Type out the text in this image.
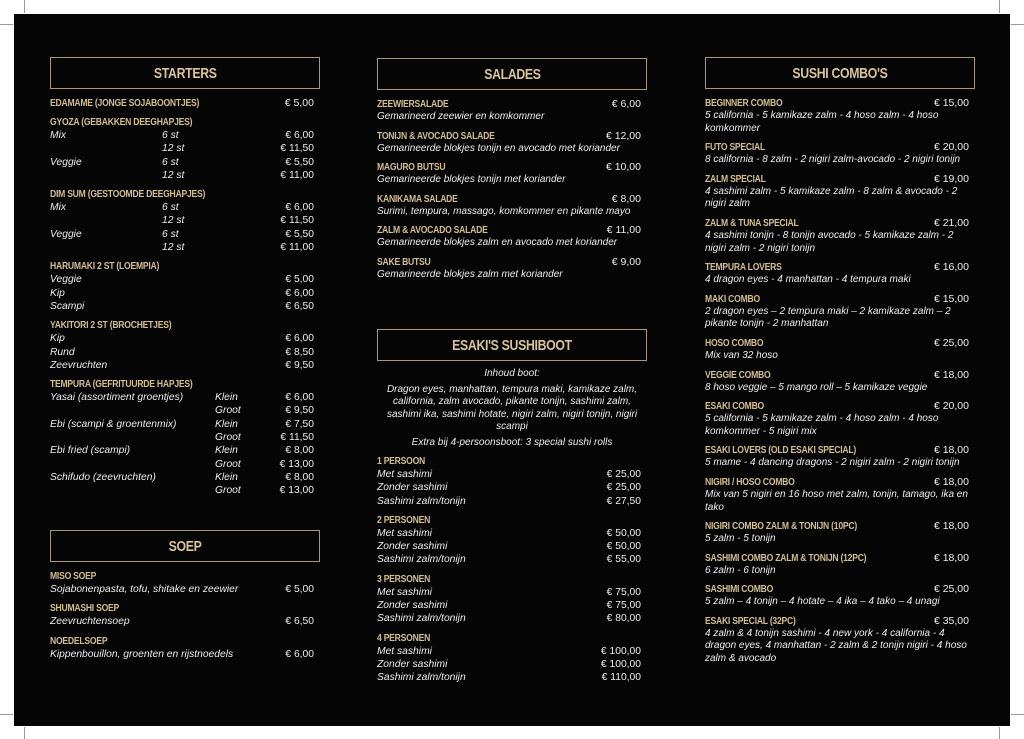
STARTERS
EDAMAME (JONGE SOJABOONTJES)	€ 5,00
GYOZA (GEBAKKEN DEEGHAPJES)
Mix	6 st	€ 6,00
12 st	€ 11,50
Veggie	6 st	€ 5,50
12 st	€ 11,00
DIM SUM (GESTOOMDE DEEGHAPJES)
Mix	6 st	€ 6,00
12 st	€ 11,50
Veggie	6 st	€ 5,50
12 st	€ 11,00
HARUMAKI 2 ST (LOEMPIA)
Veggie	€ 5,00
Kip	€ 6,00
Scampi	€ 6,50
YAKITORI 2 ST (BROCHETJES)
Kip	€ 6,00
Rund	€ 8,50
Zeevruchten	€ 9,50
TEMPURA (GEFRITUURDE HAPJES)
Yasai (assortiment groentjes)	Klein	€ 6,00
Groot	€ 9,50
Ebi (scampi & groentenmix)	Klein	€ 7,50
Groot	€ 11,50
Ebi fried (scampi)	Klein	€ 8,00
Groot	€ 13,00
Schifudo (zeevruchten)	Klein	€ 8,00
Groot	€ 13,00
SOEP
MISO SOEP
Sojabonenpasta, tofu, shitake en zeewier	€ 5,00
SHUMASHI SOEP
Zeevruchtensoep	€ 6,50
NOEDELSOEP
Kippenbouillon, groenten en rijstnoedels	€ 6,00
SALADES
ZEEWIERSALADE	€ 6,00
Gemarineerd zeewier en komkommer
TONIJN & AVOCADO SALADE	€ 12,00
Gemarineerde blokjes tonijn en avocado met koriander
MAGURO BUTSU	€ 10,00
Gemarineerde blokjes tonijn met koriander
KANIKAMA SALADE	€ 8,00
Surimi, tempura, massago, komkommer en pikante mayo
ZALM & AVOCADO SALADE	€ 11,00
Gemarineerde blokjes zalm en avocado met koriander
SAKE BUTSU	€ 9,00
Gemarineerde blokjes zalm met koriander
ESAKI'S SUSHIBOOT
Inhoud boot:
Dragon eyes, manhattan, tempura maki, kamikaze zalm, california, zalm avocado, pikante tonijn, sashimi zalm, sashimi ika, sashimi hotate, nigiri zalm, nigiri tonijn, nigiri scampi
Extra bij 4-persoonsboot: 3 special sushi rolls
1 PERSOON
Met sashimi	€ 25,00
Zonder sashimi	€ 25,00
Sashimi zalm/tonijn	€ 27,50
2 PERSONEN
Met sashimi	€ 50,00
Zonder sashimi	€ 50,00
Sashimi zalm/tonijn	€ 55,00
3 PERSONEN
Met sashimi	€ 75,00
Zonder sashimi	€ 75,00
Sashimi zalm/tonijn	€ 80,00
4 PERSONEN
Met sashimi	€ 100,00
Zonder sashimi	€ 100,00
Sashimi zalm/tonijn	€ 110,00
SUSHI COMBO'S
BEGINNER COMBO	€ 15,00
5 california - 5 kamikaze zalm - 4 hoso zalm - 4 hoso komkommer
FUTO SPECIAL	€ 20,00
8 california - 8 zalm - 2 nigiri zalm-avocado - 2 nigiri tonijn
ZALM SPECIAL	€ 19,00
4 sashimi zalm - 5 kamikaze zalm - 8 zalm & avocado - 2 nigiri zalm
ZALM & TUNA SPECIAL	€ 21,00
4 sashimi tonijn - 8 tonijn avocado - 5 kamikaze zalm - 2 nigiri zalm - 2 nigiri tonijn
TEMPURA LOVERS	€ 16,00
4 dragon eyes - 4 manhattan - 4 tempura maki
MAKI COMBO	€ 15,00
2 dragon eyes – 2 tempura maki – 2 kamikaze zalm – 2 pikante tonijn - 2 manhattan
HOSO COMBO	€ 25,00
Mix van 32 hoso
VEGGIE COMBO	€ 18,00
8 hoso veggie – 5 mango roll – 5 kamikaze veggie
ESAKI COMBO	€ 20,00
5 california - 5 kamikaze zalm - 4 hoso zalm - 4 hoso komkommer - 5 nigiri mix
ESAKI LOVERS (OLD ESAKI SPECIAL)	€ 18,00
5 mame - 4 dancing dragons - 2 nigiri zalm - 2 nigiri tonijn
NIGIRI / HOSO COMBO	€ 18,00
Mix van 5 nigiri en 16 hoso met zalm, tonijn, tamago, ika en tako
NIGIRI COMBO ZALM & TONIJN (10PC)	€ 18,00
5 zalm - 5 tonijn
SASHIMI COMBO ZALM & TONIJN (12PC)	€ 18,00
6 zalm - 6 tonijn
SASHIMI COMBO	€ 25,00
5 zalm – 4 tonijn – 4 hotate – 4 ika – 4 tako – 4 unagi
ESAKI SPECIAL (32PC)	€ 35,00
4 zalm & 4 tonijn sashimi - 4 new york - 4 california - 4 dragon eyes, 4 manhattan - 2 zalm & 2 tonijn nigiri - 4 hoso zalm & avocado
